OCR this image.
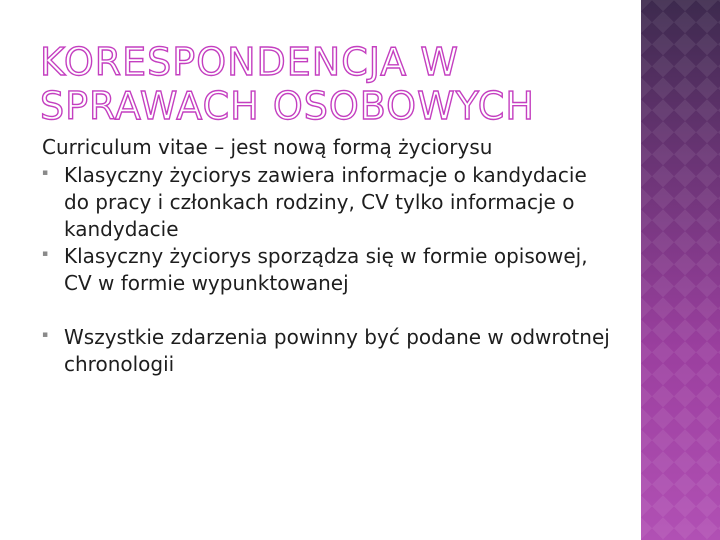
KORESPONDENCJA W SPRAWACH OSOBOWYCH

Curriculum vitae – jest nową formą życiorysu

▪ Klasyczny życiorys zawiera informacje o kandydacie do pracy i członkach rodziny, CV tylko informacje o kandydacie
▪ Klasyczny życiorys sporządza się w formie opisowej, CV w formie wypunktowanej
▪ Wszystkie zdarzenia powinny być podane w odwrotnej chronologii
